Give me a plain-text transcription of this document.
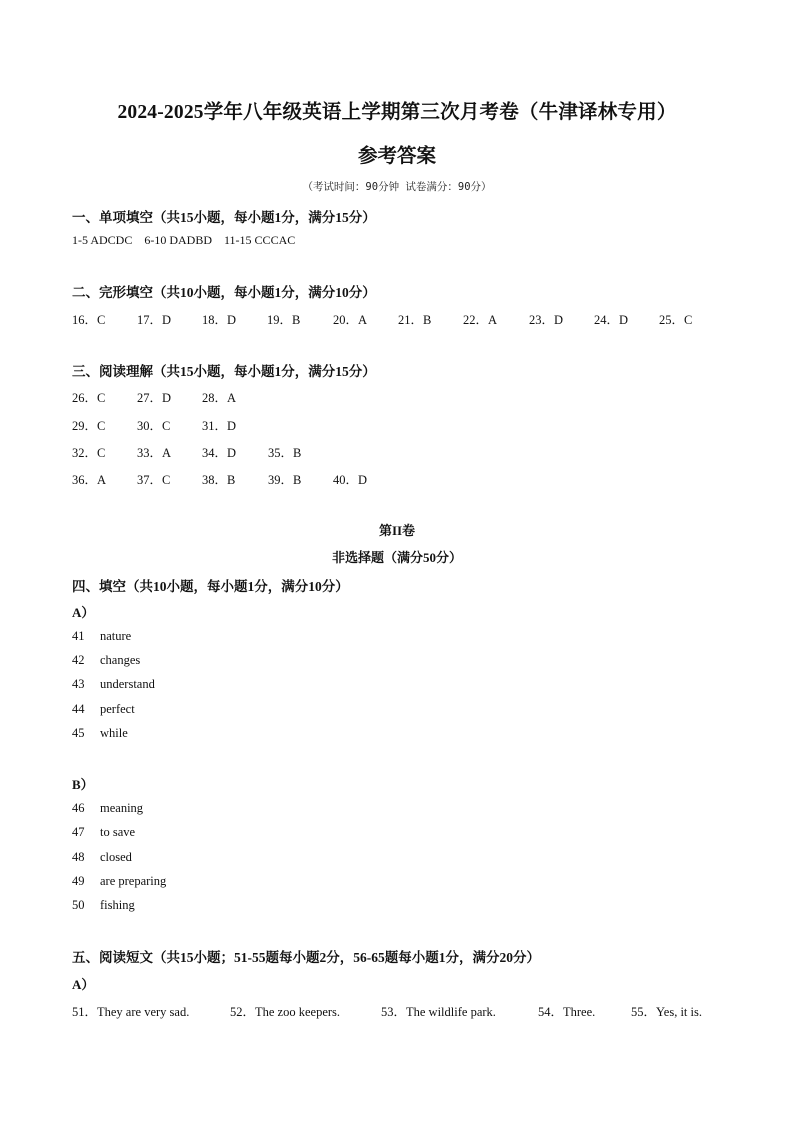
2024-2025学年八年级英语上学期第三次月考卷（牛津译林专用）
参考答案
（考试时间：90分钟 试卷满分：90分）
一、单项填空（共15小题，每小题1分，满分15分）
1-5 ADCDC    6-10 DADBD    11-15 CCCAC
二、完形填空（共10小题，每小题1分，满分10分）
16．C	17．D	18．D	19．B	20．A	21．B	22．A	23．D	24．D	25．C
三、阅读理解（共15小题，每小题1分，满分15分）
26．C	27．D	28．A
29．C	30．C	31．D
32．C	33．A	34．D	35．B
36．A	37．C	38．B	39．B	40．D
第II卷
非选择题（满分50分）
四、填空（共10小题，每小题1分，满分10分）
A）
41	nature
42	changes
43	understand
44	perfect
45	while
B）
46	meaning
47	to save
48	closed
49	are preparing
50	fishing
五、阅读短文（共15小题；51-55题每小题2分，56-65题每小题1分，满分20分）
A）
51．They are very sad.	52．The zoo keepers.	53．The wildlife park.	54．Three.	55．Yes, it is.
